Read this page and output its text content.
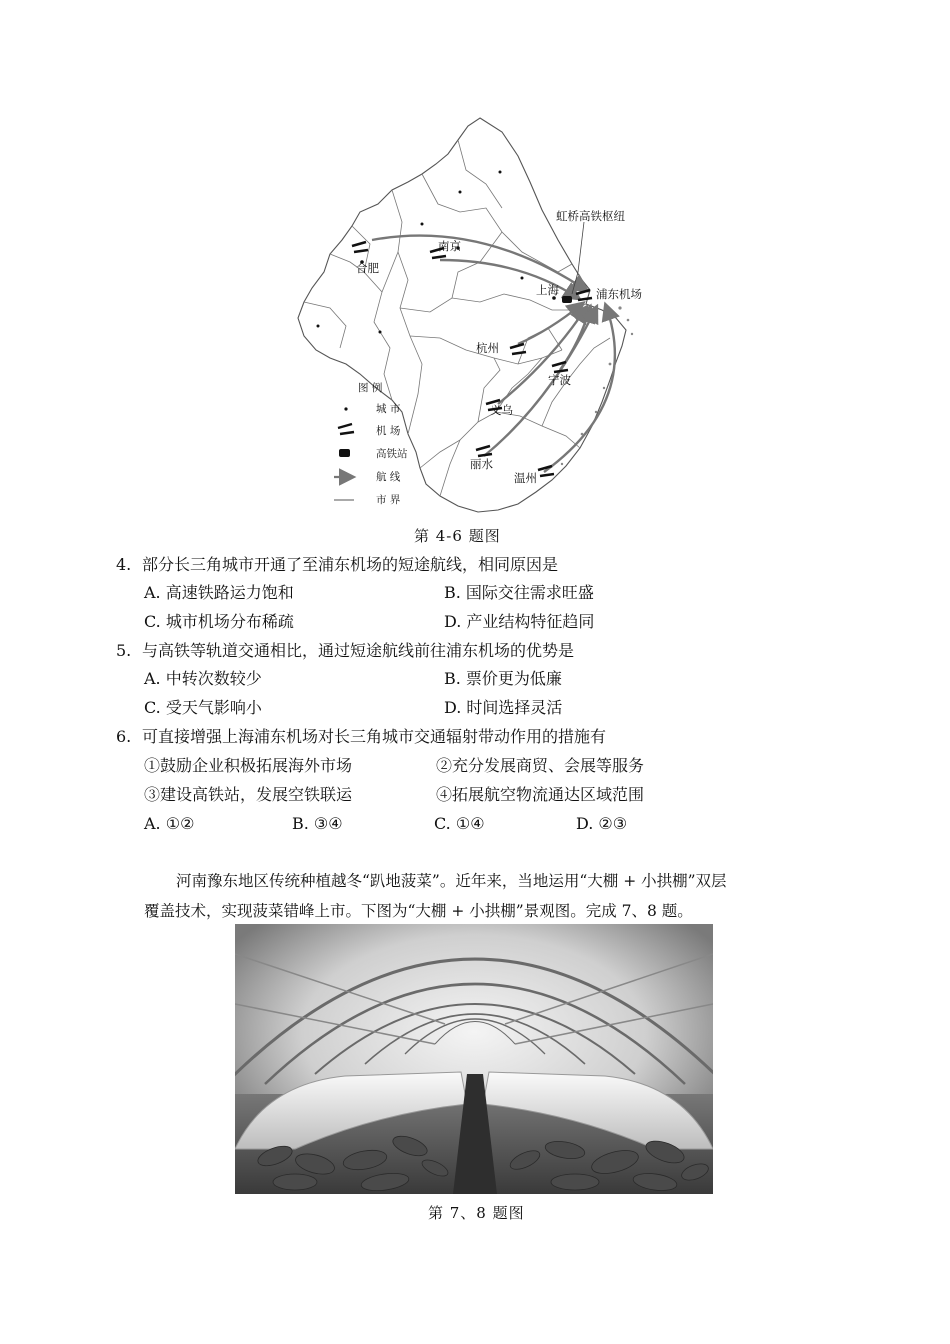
虹桥高铁枢纽
浦东机场
合肥
南京
上海
杭州
宁波
义乌
丽水
温州
图 例
城 市
机 场
高铁站
航 线
市 界
第 4-6 题图
4. 部分长三角城市开通了至浦东机场的短途航线，相同原因是
A. 高速铁路运力饱和	B. 国际交往需求旺盛
C. 城市机场分布稀疏	D. 产业结构特征趋同
5. 与高铁等轨道交通相比，通过短途航线前往浦东机场的优势是
A. 中转次数较少	B. 票价更为低廉
C. 受天气影响小	D. 时间选择灵活
6. 可直接增强上海浦东机场对长三角城市交通辐射带动作用的措施有
①鼓励企业积极拓展海外市场	②充分发展商贸、会展等服务
③建设高铁站，发展空铁联运	④拓展航空物流通达区域范围
A. ①②	B. ③④	C. ①④	D. ②③
河南豫东地区传统种植越冬“趴地菠菜”。近年来，当地运用“大棚 + 小拱棚”双层
覆盖技术，实现菠菜错峰上市。下图为“大棚 + 小拱棚”景观图。完成 7、8 题。
第 7、8 题图
